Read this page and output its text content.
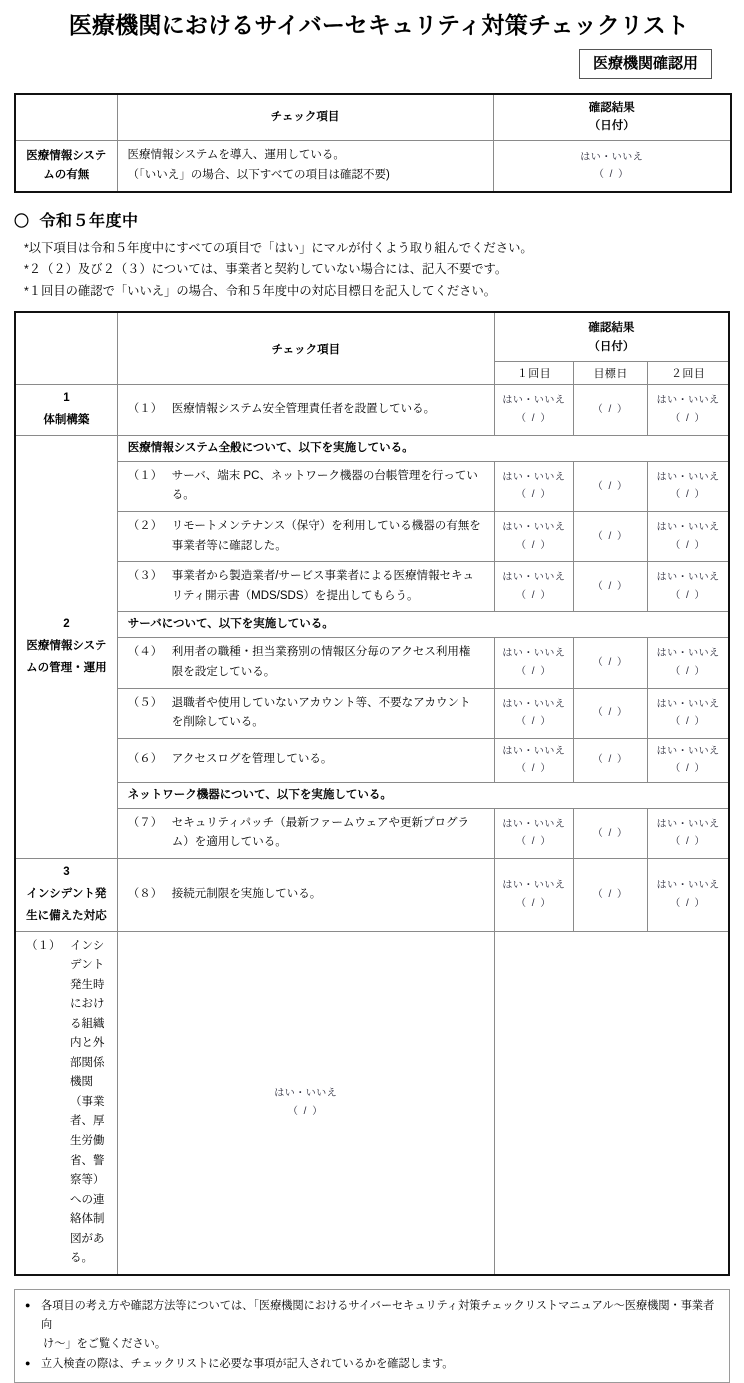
医療機関におけるサイバーセキュリティ対策チェックリスト
医療機関確認用
	チェック項目	確認結果
（日付）
医療情報システ
ムの有無	医療情報システムを導入、運用している。
（「いいえ」の場合、以下すべての項目は確認不要)	はい・いいえ
（ / ）
〇 令和５年度中

*以下項目は令和５年度中にすべての項目で「はい」にマルが付くよう取り組んでください。

*２（２）及び２（３）については、事業者と契約していない場合には、記入不要です。

*１回目の確認で「いいえ」の場合、令和５年度中の対応目標日を記入してください。

	チェック項目	確認結果
（日付）		
		１回目	目標日	２回目
1
体制構築	（１） 医療情報システム安全管理責任者を設置している。	はい・いいえ
（ / ）	（ / ）	はい・いいえ
（ / ）

2
医療情報システ
ムの管理・運用	医療情報システム全般について、以下を実施している。			
	（１） サーバ、端末 PC、ネットワーク機器の台帳管理を行っている。	はい・いいえ
（ / ）	（ / ）	はい・いいえ
（ / ）

	（２） リモートメンテナンス（保守）を利用している機器の有無を事業者等に確認した。	はい・いいえ
（ / ）	（ / ）	はい・いいえ
（ / ）

	（３） 事業者から製造業者/サービス事業者による医療情報セキュリティ開示書（MDS/SDS）を提出してもらう。	はい・いいえ
（ / ）	（ / ）	はい・いいえ
（ / ）

	サーバについて、以下を実施している。			
	（４） 利用者の職種・担当業務別の情報区分毎のアクセス利用権限を設定している。	はい・いいえ
（ / ）	（ / ）	はい・いいえ
（ / ）

	（５） 退職者や使用していないアカウント等、不要なアカウントを削除している。	はい・いいえ
（ / ）	（ / ）	はい・いいえ
（ / ）

	（６） アクセスログを管理している。	はい・いいえ
（ / ）	（ / ）	はい・いいえ
（ / ）

	ネットワーク機器について、以下を実施している。			
	（７） セキュリティパッチ（最新ファームウェアや更新プログラム）を適用している。	はい・いいえ
（ / ）	（ / ）	はい・いいえ
（ / ）

3
インシデント発
生に備えた対応	（８） 接続元制限を実施している。	はい・いいえ
（ / ）	（ / ）	はい・いいえ
（ / ）

（１） インシデント発生時における組織内と外部関係機関（事業者、厚生労働省、警察等）への連絡体制図がある。	はい・いいえ
（ / ）			

● 各項目の考え方や確認方法等については、「医療機関におけるサイバーセキュリティ対策チェックリストマニュアル～医療機関・事業者向
け～」をご覧ください。
● 立入検査の際は、チェックリストに必要な事項が記入されているかを確認します。
